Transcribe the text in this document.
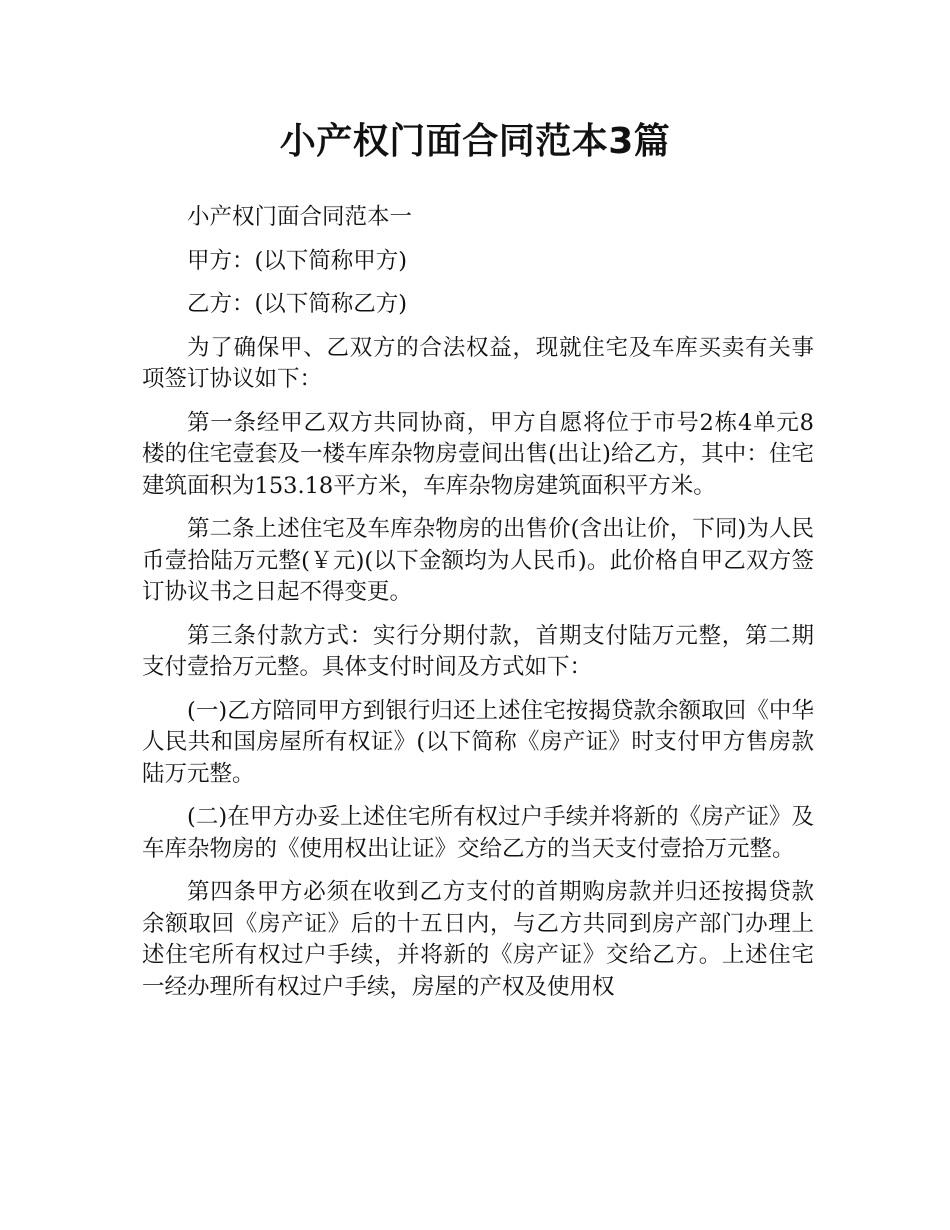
小产权门面合同范本3篇

小产权门面合同范本一

甲方：(以下简称甲方)

乙方：(以下简称乙方)

为了确保甲、乙双方的合法权益，现就住宅及车库买卖有关事项签订协议如下：

第一条经甲乙双方共同协商，甲方自愿将位于市号2栋4单元8楼的住宅壹套及一楼车库杂物房壹间出售(出让)给乙方，其中：住宅建筑面积为153.18平方米，车库杂物房建筑面积平方米。

第二条上述住宅及车库杂物房的出售价(含出让价，下同)为人民币壹拾陆万元整(￥元)(以下金额均为人民币)。此价格自甲乙双方签订协议书之日起不得变更。

第三条付款方式：实行分期付款，首期支付陆万元整，第二期支付壹拾万元整。具体支付时间及方式如下：

(一)乙方陪同甲方到银行归还上述住宅按揭贷款余额取回《中华人民共和国房屋所有权证》(以下简称《房产证》时支付甲方售房款陆万元整。

(二)在甲方办妥上述住宅所有权过户手续并将新的《房产证》及车库杂物房的《使用权出让证》交给乙方的当天支付壹拾万元整。

第四条甲方必须在收到乙方支付的首期购房款并归还按揭贷款余额取回《房产证》后的十五日内，与乙方共同到房产部门办理上述住宅所有权过户手续，并将新的《房产证》交给乙方。上述住宅一经办理所有权过户手续，房屋的产权及使用权
